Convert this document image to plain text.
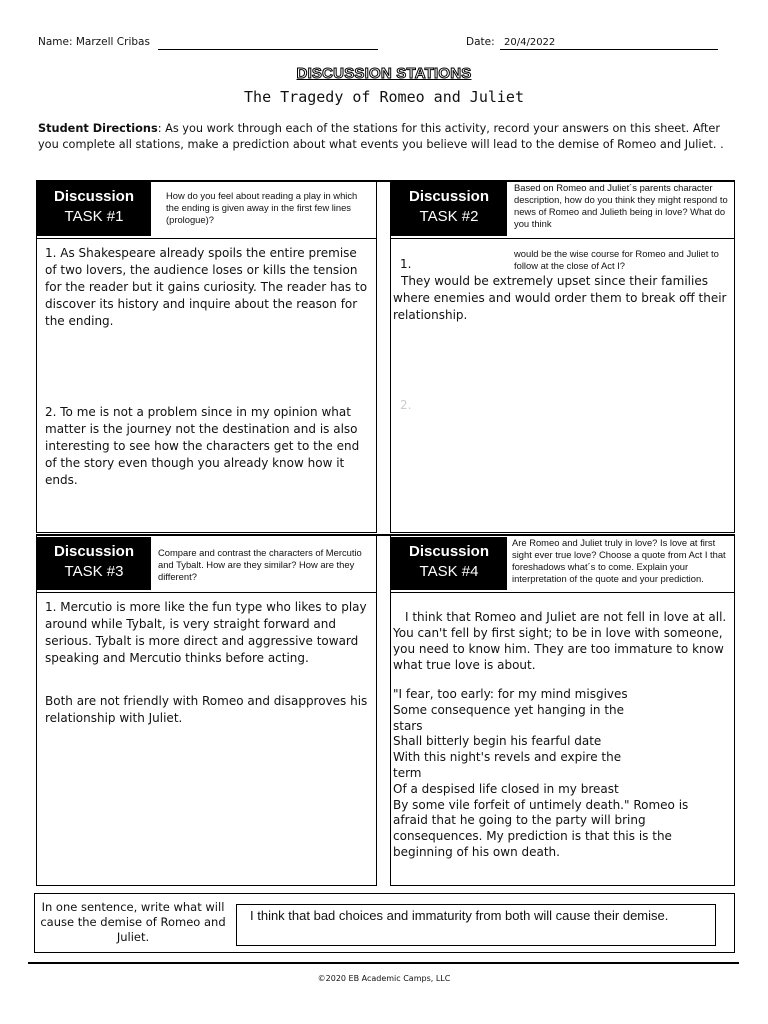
Name: Marzell Cribas	Date: 20/4/2022
DISCUSSION STATIONS
The Tragedy of Romeo and Juliet
Student Directions: As you work through each of the stations for this activity, record your answers on this sheet. After you complete all stations, make a prediction about what events you believe will lead to the demise of Romeo and Juliet. .
Discussion
TASK #1
How do you feel about reading a play in which the ending is given away in the first few lines (prologue)?
1. As Shakespeare already spoils the entire premise of two lovers, the audience loses or kills the tension for the reader but it gains curiosity. The reader has to discover its history and inquire about the reason for the ending.
2. To me is not a problem since in my opinion what matter is the journey not the destination and is also interesting to see how the characters get to the end of the story even though you already know how it ends.
Discussion
TASK #2
Based on Romeo and Juliet´s parents character description, how do you think they might respond to news of Romeo and Julieth being in love? What do you think
would be the wise course for Romeo and Juliet to follow at the close of Act I?
1.
They would be extremely upset since their families where enemies and would order them to break off their relationship.
2.
Discussion
TASK #3
Compare and contrast the characters of Mercutio and Tybalt. How are they similar? How are they different?
1. Mercutio is more like the fun type who likes to play around while Tybalt, is very straight forward and serious. Tybalt is more direct and aggressive toward speaking and Mercutio thinks before acting.
Both are not friendly with Romeo and disapproves his relationship with Juliet.
Discussion
TASK #4
Are Romeo and Juliet truly in love? Is love at first sight ever true love? Choose a quote from Act I that foreshadows what´s to come. Explain your interpretation of the quote and your prediction.
I think that Romeo and Juliet are not fell in love at all. You can't fell by first sight; to be in love with someone, you need to know him. They are too immature to know what true love is about.
"I fear, too early: for my mind misgives
Some consequence yet hanging in the
stars
Shall bitterly begin his fearful date
With this night's revels and expire the
term
Of a despised life closed in my breast
By some vile forfeit of untimely death." Romeo is afraid that he going to the party will bring consequences. My prediction is that this is the beginning of his own death.
In one sentence, write what will cause the demise of Romeo and Juliet.
I think that bad choices and immaturity from both will cause their demise.
©2020 EB Academic Camps, LLC
